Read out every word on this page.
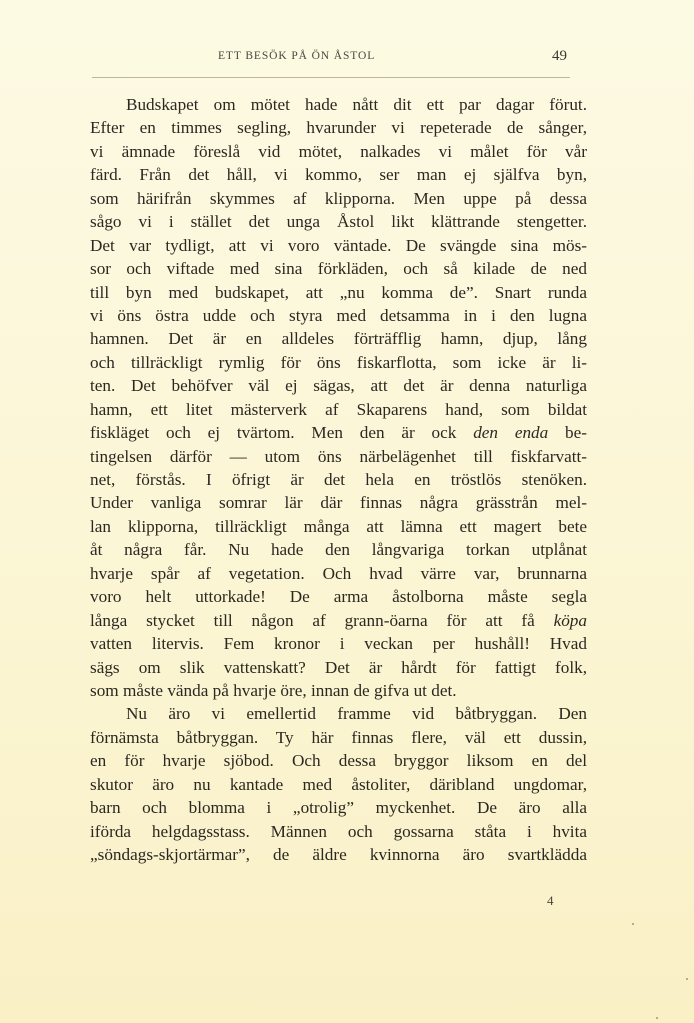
ETT BESÖK PÅ ÖN ÅSTOL	49
Budskapet om mötet hade nått dit ett par dagar förut.
Efter en timmes segling, hvarunder vi repeterade de sånger,
vi ämnade föreslå vid mötet, nalkades vi målet för vår
färd. Från det håll, vi kommo, ser man ej själfva byn,
som härifrån skymmes af klipporna. Men uppe på dessa
sågo vi i stället det unga Åstol likt klättrande stengetter.
Det var tydligt, att vi voro väntade. De svängde sina mös-
sor och viftade med sina förkläden, och så kilade de ned
till byn med budskapet, att „nu komma de”. Snart runda
vi öns östra udde och styra med detsamma in i den lugna
hamnen. Det är en alldeles förträfflig hamn, djup, lång
och tillräckligt rymlig för öns fiskarflotta, som icke är li-
ten. Det behöfver väl ej sägas, att det är denna naturliga
hamn, ett litet mästerverk af Skaparens hand, som bildat
fiskläget och ej tvärtom. Men den är ock den enda be-
tingelsen därför — utom öns närbelägenhet till fiskfarvatt-
net, förstås. I öfrigt är det hela en tröstlös stenöken.
Under vanliga somrar lär där finnas några grässtrån mel-
lan klipporna, tillräckligt många att lämna ett magert bete
åt några får. Nu hade den långvariga torkan utplånat
hvarje spår af vegetation. Och hvad värre var, brunnarna
voro helt uttorkade! De arma åstolborna måste segla
långa stycket till någon af grann-öarna för att få köpa
vatten litervis. Fem kronor i veckan per hushåll! Hvad
sägs om slik vattenskatt? Det är hårdt för fattigt folk,
som måste vända på hvarje öre, innan de gifva ut det.
Nu äro vi emellertid framme vid båtbryggan. Den
förnämsta båtbryggan. Ty här finnas flere, väl ett dussin,
en för hvarje sjöbod. Och dessa bryggor liksom en del
skutor äro nu kantade med åstoliter, däribland ungdomar,
barn och blomma i „otrolig” myckenhet. De äro alla
iförda helgdagsstass. Männen och gossarna ståta i hvita
„söndags-skjortärmar”, de äldre kvinnorna äro svartklädda
4
